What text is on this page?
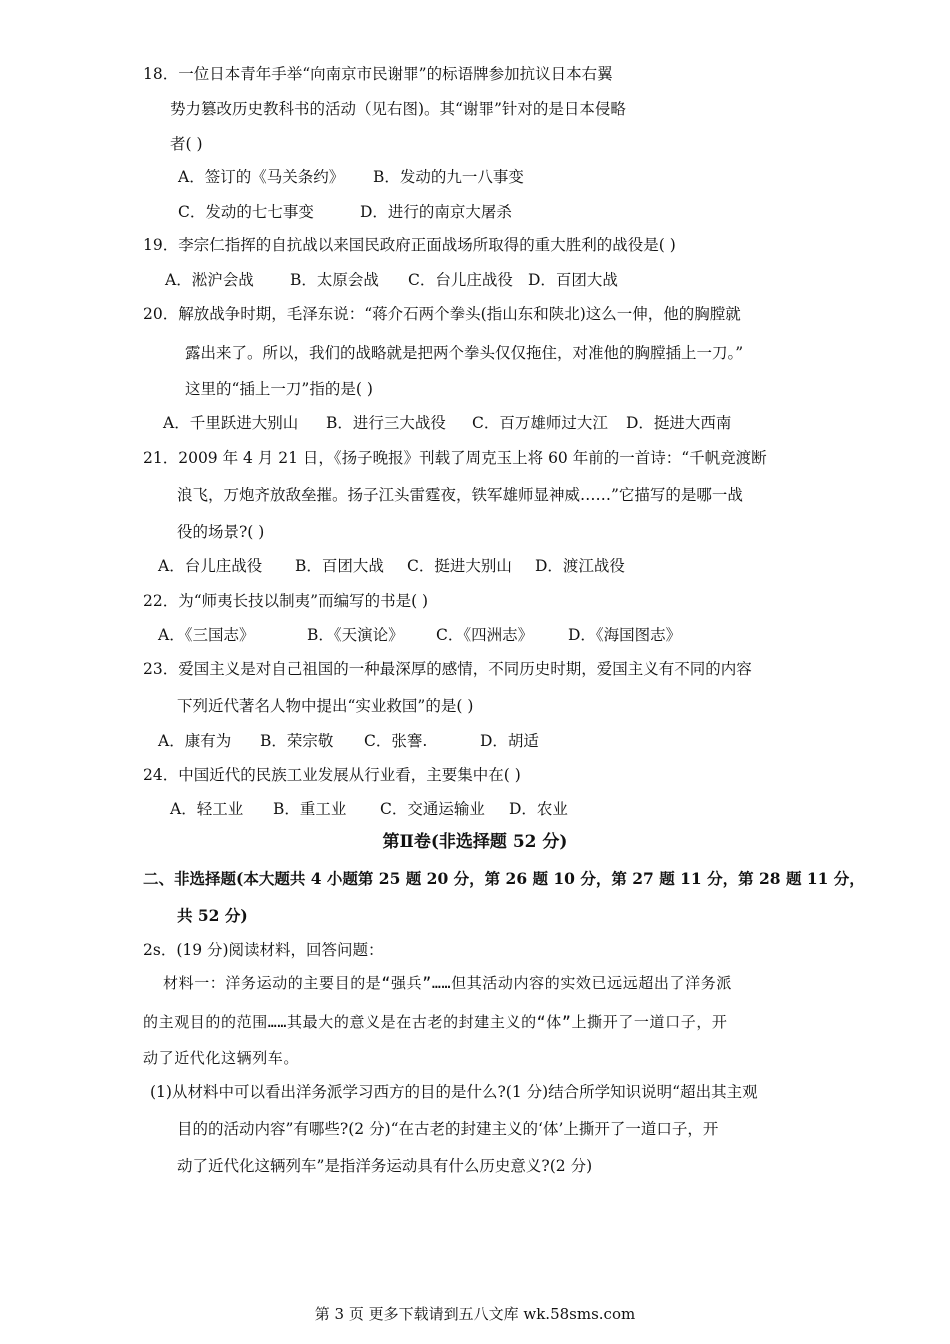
18．一位日本青年手举“向南京市民谢罪”的标语牌参加抗议日本右翼
势力篡改历史教科书的活动（见右图)。其“谢罪”针对的是日本侵略
者( )
A．签订的《马关条约》 B．发动的九一八事变
C．发动的七七事变	D．进行的南京大屠杀
19．李宗仁指挥的自抗战以来国民政府正面战场所取得的重大胜利的战役是( )
A．淞沪会战 B．太原会战 C．台儿庄战役 D．百团大战
20．解放战争时期，毛泽东说：“蒋介石两个拳头(指山东和陕北)这么一伸，他的胸膛就
露出来了。所以，我们的战略就是把两个拳头仅仅拖住，对准他的胸膛插上一刀。”
这里的“插上一刀”指的是( )
A．千里跃进大别山 B．进行三大战役 C．百万雄师过大江 D．挺进大西南
21．2009 年 4 月 21 日，《扬子晚报》刊载了周克玉上将 60 年前的一首诗：“千帆竞渡断
浪飞，万炮齐放敌垒摧。扬子江头雷霆夜，铁军雄师显神威……”它描写的是哪一战
役的场景?( )
A．台儿庄战役 B．百团大战 C．挺进大别山 D．渡江战役
22．为“师夷长技以制夷”而编写的书是( )
A．《三国志》	B．《天演论》 C．《四洲志》 D．《海国图志》
23．爱国主义是对自己祖国的一种最深厚的感情，不同历史时期，爱国主义有不同的内容
下列近代著名人物中提出“实业救国”的是( )
A．康有为 B．荣宗敬 C．张謇.	D．胡适
24．中国近代的民族工业发展从行业看，主要集中在( )
A．轻工业 B．重工业 C．交通运输业 D．农业
第Ⅱ卷(非选择题 52 分)
二、非选择题(本大题共 4 小题第 25 题 20 分，第 26 题 10 分，第 27 题 11 分，第 28 题 11 分，
共 52 分)
2s．(19 分)阅读材料，回答问题：
材料一：洋务运动的主要目的是“强兵”……但其活动内容的实效已远远超出了洋务派
的主观目的的范围……其最大的意义是在古老的封建主义的“体”上撕开了一道口子，开
动了近代化这辆列车。
(1)从材料中可以看出洋务派学习西方的目的是什么?(1 分)结合所学知识说明“超出其主观
目的的活动内容”有哪些?(2 分)“在古老的封建主义的‘体’上撕开了一道口子，开
动了近代化这辆列车”是指洋务运动具有什么历史意义?(2 分)
第 3 页 更多下载请到五八文库 wk.58sms.com
